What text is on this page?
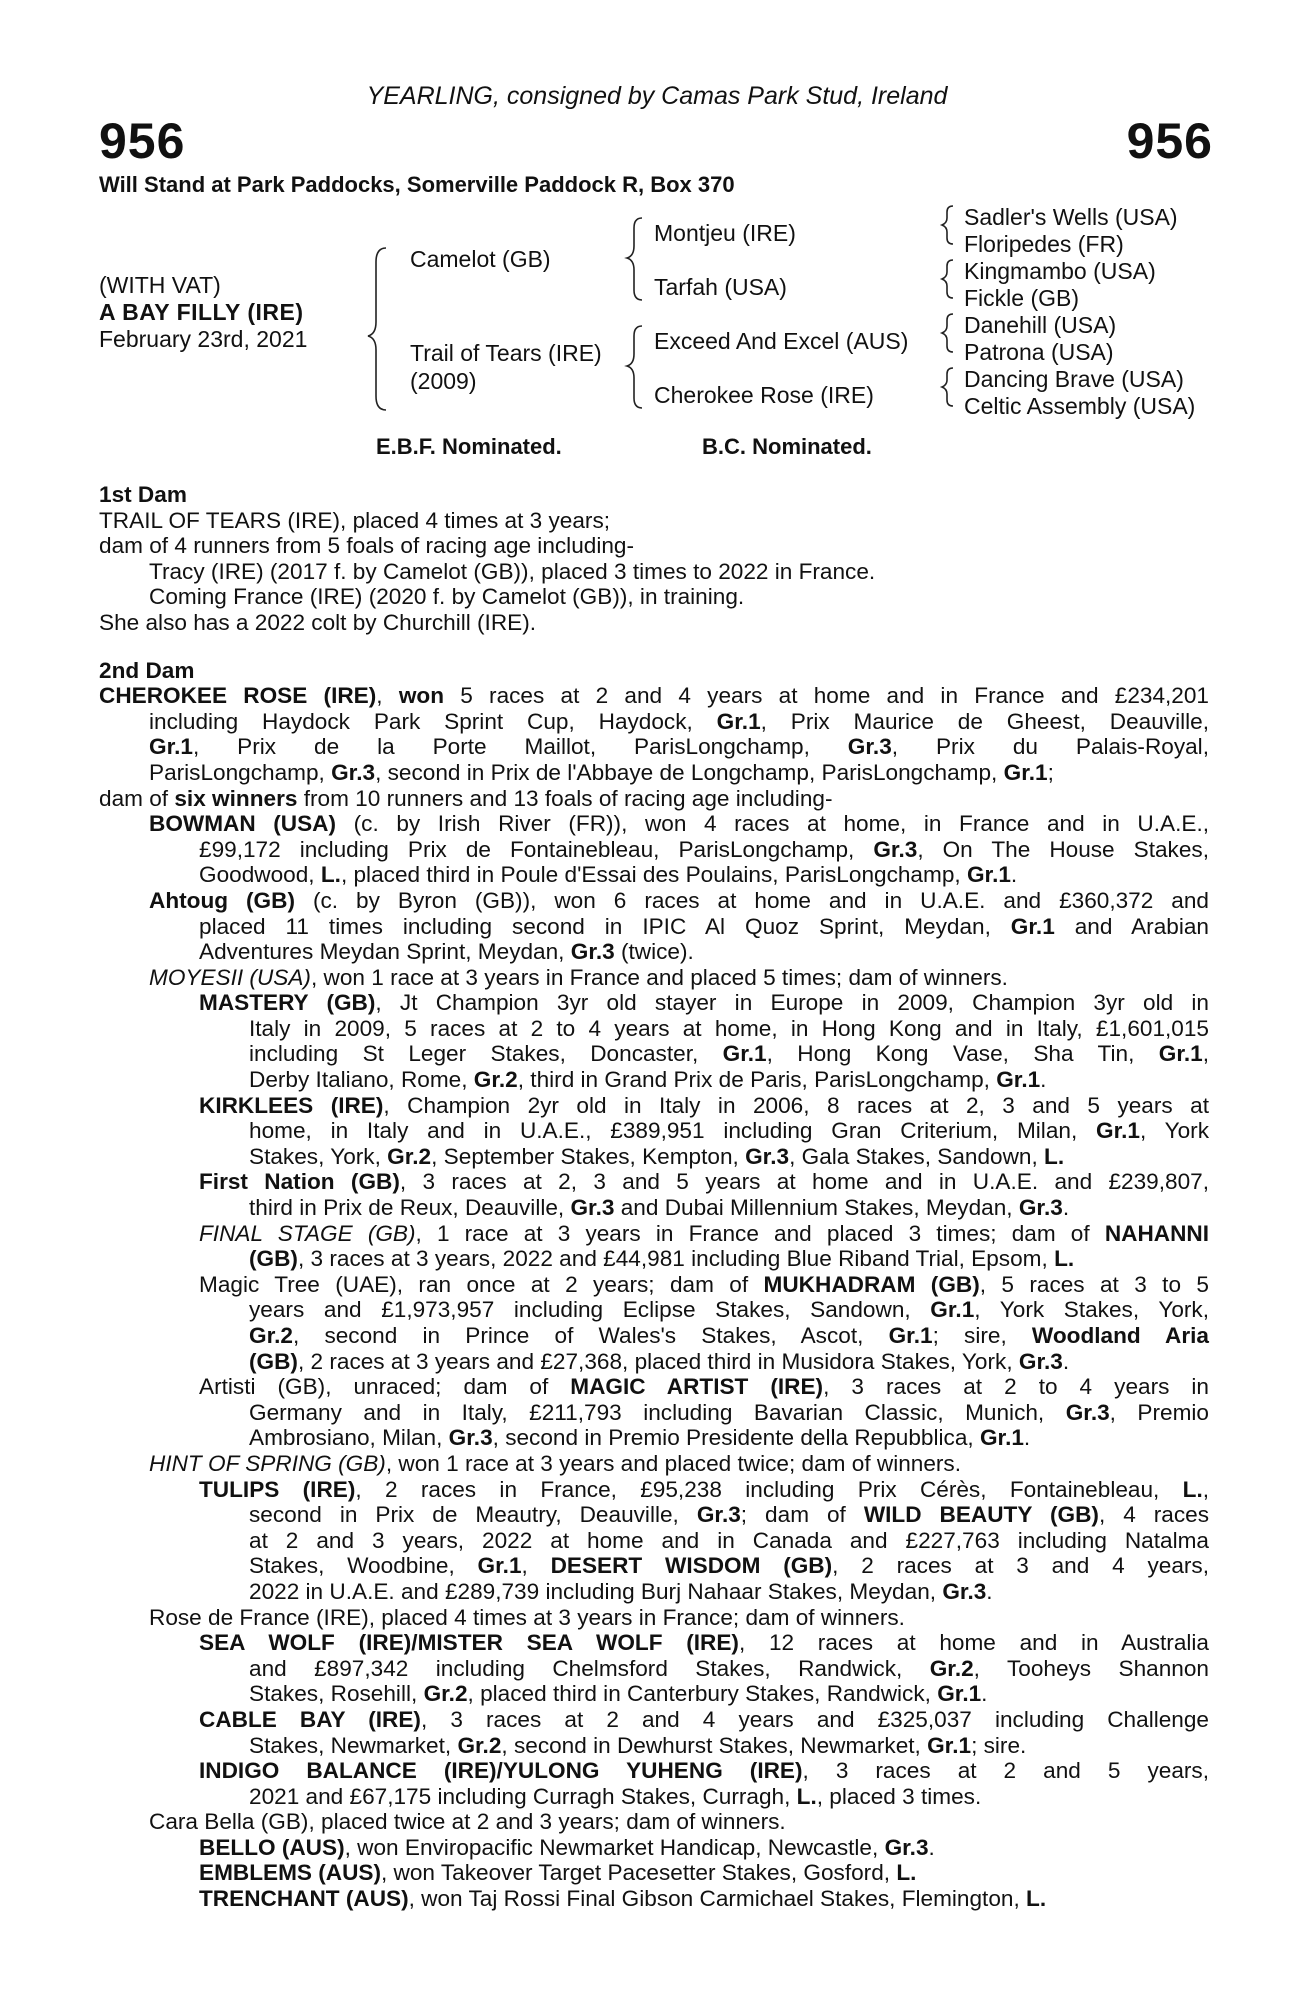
YEARLING, consigned by Camas Park Stud, Ireland
956	956
Will Stand at Park Paddocks, Somerville Paddock R, Box 370
(WITH VAT)
A BAY FILLY (IRE)
February 23rd, 2021
Camelot (GB)
Trail of Tears (IRE)
(2009)
Montjeu (IRE)
Tarfah (USA)
Exceed And Excel (AUS)
Cherokee Rose (IRE)
Sadler's Wells (USA)
Floripedes (FR)
Kingmambo (USA)
Fickle (GB)
Danehill (USA)
Patrona (USA)
Dancing Brave (USA)
Celtic Assembly (USA)
E.B.F. Nominated.	B.C. Nominated.
1st Dam
TRAIL OF TEARS (IRE), placed 4 times at 3 years;
dam of 4 runners from 5 foals of racing age including-
Tracy (IRE) (2017 f. by Camelot (GB)), placed 3 times to 2022 in France.
Coming France (IRE) (2020 f. by Camelot (GB)), in training.
She also has a 2022 colt by Churchill (IRE).
2nd Dam
CHEROKEE ROSE (IRE), won 5 races at 2 and 4 years at home and in France and £234,201
including Haydock Park Sprint Cup, Haydock, Gr.1, Prix Maurice de Gheest, Deauville,
Gr.1, Prix de la Porte Maillot, ParisLongchamp, Gr.3, Prix du Palais-Royal,
ParisLongchamp, Gr.3, second in Prix de l'Abbaye de Longchamp, ParisLongchamp, Gr.1;
dam of six winners from 10 runners and 13 foals of racing age including-
BOWMAN (USA) (c. by Irish River (FR)), won 4 races at home, in France and in U.A.E.,
£99,172 including Prix de Fontainebleau, ParisLongchamp, Gr.3, On The House Stakes,
Goodwood, L., placed third in Poule d'Essai des Poulains, ParisLongchamp, Gr.1.
Ahtoug (GB) (c. by Byron (GB)), won 6 races at home and in U.A.E. and £360,372 and
placed 11 times including second in IPIC Al Quoz Sprint, Meydan, Gr.1 and Arabian
Adventures Meydan Sprint, Meydan, Gr.3 (twice).
MOYESII (USA), won 1 race at 3 years in France and placed 5 times; dam of winners.
MASTERY (GB), Jt Champion 3yr old stayer in Europe in 2009, Champion 3yr old in
Italy in 2009, 5 races at 2 to 4 years at home, in Hong Kong and in Italy, £1,601,015
including St Leger Stakes, Doncaster, Gr.1, Hong Kong Vase, Sha Tin, Gr.1,
Derby Italiano, Rome, Gr.2, third in Grand Prix de Paris, ParisLongchamp, Gr.1.
KIRKLEES (IRE), Champion 2yr old in Italy in 2006, 8 races at 2, 3 and 5 years at
home, in Italy and in U.A.E., £389,951 including Gran Criterium, Milan, Gr.1, York
Stakes, York, Gr.2, September Stakes, Kempton, Gr.3, Gala Stakes, Sandown, L.
First Nation (GB), 3 races at 2, 3 and 5 years at home and in U.A.E. and £239,807,
third in Prix de Reux, Deauville, Gr.3 and Dubai Millennium Stakes, Meydan, Gr.3.
FINAL STAGE (GB), 1 race at 3 years in France and placed 3 times; dam of NAHANNI
(GB), 3 races at 3 years, 2022 and £44,981 including Blue Riband Trial, Epsom, L.
Magic Tree (UAE), ran once at 2 years; dam of MUKHADRAM (GB), 5 races at 3 to 5
years and £1,973,957 including Eclipse Stakes, Sandown, Gr.1, York Stakes, York,
Gr.2, second in Prince of Wales's Stakes, Ascot, Gr.1; sire, Woodland Aria
(GB), 2 races at 3 years and £27,368, placed third in Musidora Stakes, York, Gr.3.
Artisti (GB), unraced; dam of MAGIC ARTIST (IRE), 3 races at 2 to 4 years in
Germany and in Italy, £211,793 including Bavarian Classic, Munich, Gr.3, Premio
Ambrosiano, Milan, Gr.3, second in Premio Presidente della Repubblica, Gr.1.
HINT OF SPRING (GB), won 1 race at 3 years and placed twice; dam of winners.
TULIPS (IRE), 2 races in France, £95,238 including Prix Cérès, Fontainebleau, L.,
second in Prix de Meautry, Deauville, Gr.3; dam of WILD BEAUTY (GB), 4 races
at 2 and 3 years, 2022 at home and in Canada and £227,763 including Natalma
Stakes, Woodbine, Gr.1, DESERT WISDOM (GB), 2 races at 3 and 4 years,
2022 in U.A.E. and £289,739 including Burj Nahaar Stakes, Meydan, Gr.3.
Rose de France (IRE), placed 4 times at 3 years in France; dam of winners.
SEA WOLF (IRE)/MISTER SEA WOLF (IRE), 12 races at home and in Australia
and £897,342 including Chelmsford Stakes, Randwick, Gr.2, Tooheys Shannon
Stakes, Rosehill, Gr.2, placed third in Canterbury Stakes, Randwick, Gr.1.
CABLE BAY (IRE), 3 races at 2 and 4 years and £325,037 including Challenge
Stakes, Newmarket, Gr.2, second in Dewhurst Stakes, Newmarket, Gr.1; sire.
INDIGO BALANCE (IRE)/YULONG YUHENG (IRE), 3 races at 2 and 5 years,
2021 and £67,175 including Curragh Stakes, Curragh, L., placed 3 times.
Cara Bella (GB), placed twice at 2 and 3 years; dam of winners.
BELLO (AUS), won Enviropacific Newmarket Handicap, Newcastle, Gr.3.
EMBLEMS (AUS), won Takeover Target Pacesetter Stakes, Gosford, L.
TRENCHANT (AUS), won Taj Rossi Final Gibson Carmichael Stakes, Flemington, L.
